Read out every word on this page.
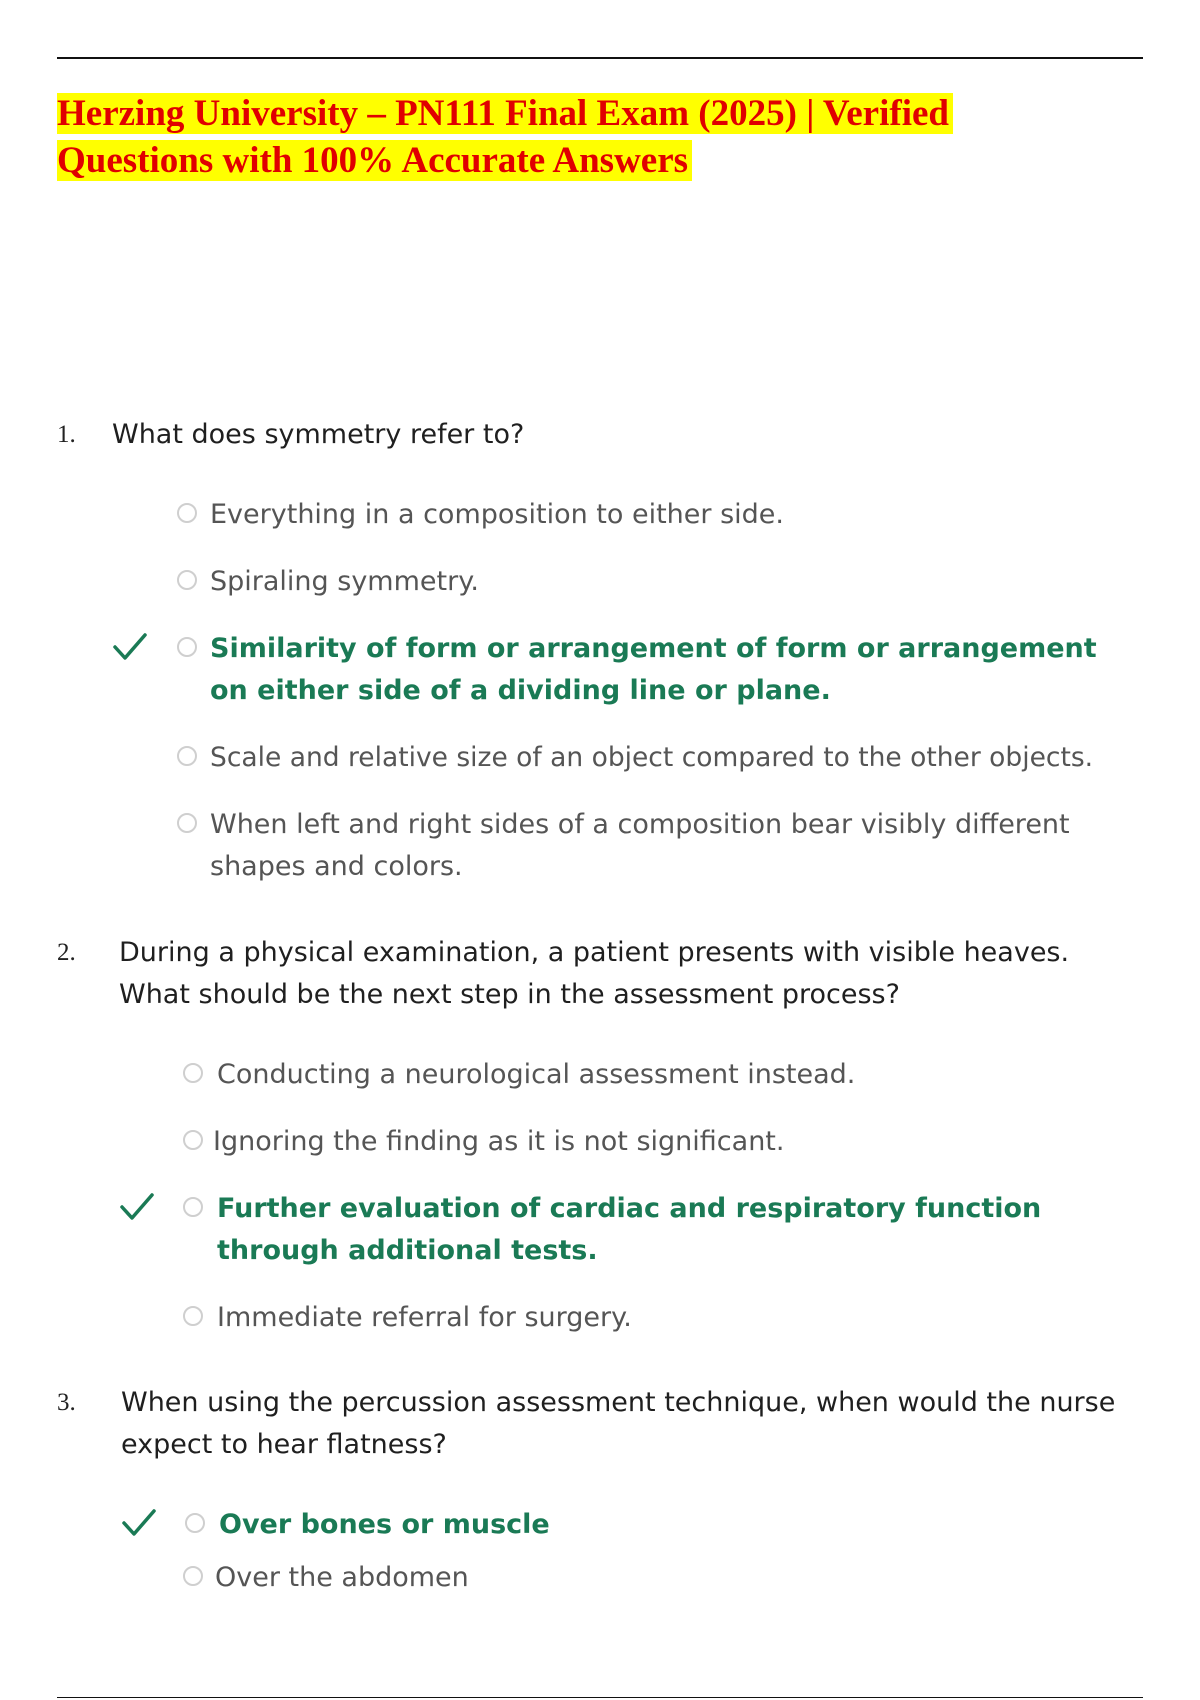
Herzing University – PN111 Final Exam (2025) | Verified Questions with 100% Accurate Answers
1.	What does symmetry refer to?
Everything in a composition to either side.
Spiraling symmetry.
Similarity of form or arrangement of form or arrangement on either side of a dividing line or plane.
Scale and relative size of an object compared to the other objects.
When left and right sides of a composition bear visibly different shapes and colors.
2.	During a physical examination, a patient presents with visible heaves. What should be the next step in the assessment process?
Conducting a neurological assessment instead.
Ignoring the finding as it is not significant.
Further evaluation of cardiac and respiratory function through additional tests.
Immediate referral for surgery.
3.	When using the percussion assessment technique, when would the nurse expect to hear flatness?
Over bones or muscle
Over the abdomen
